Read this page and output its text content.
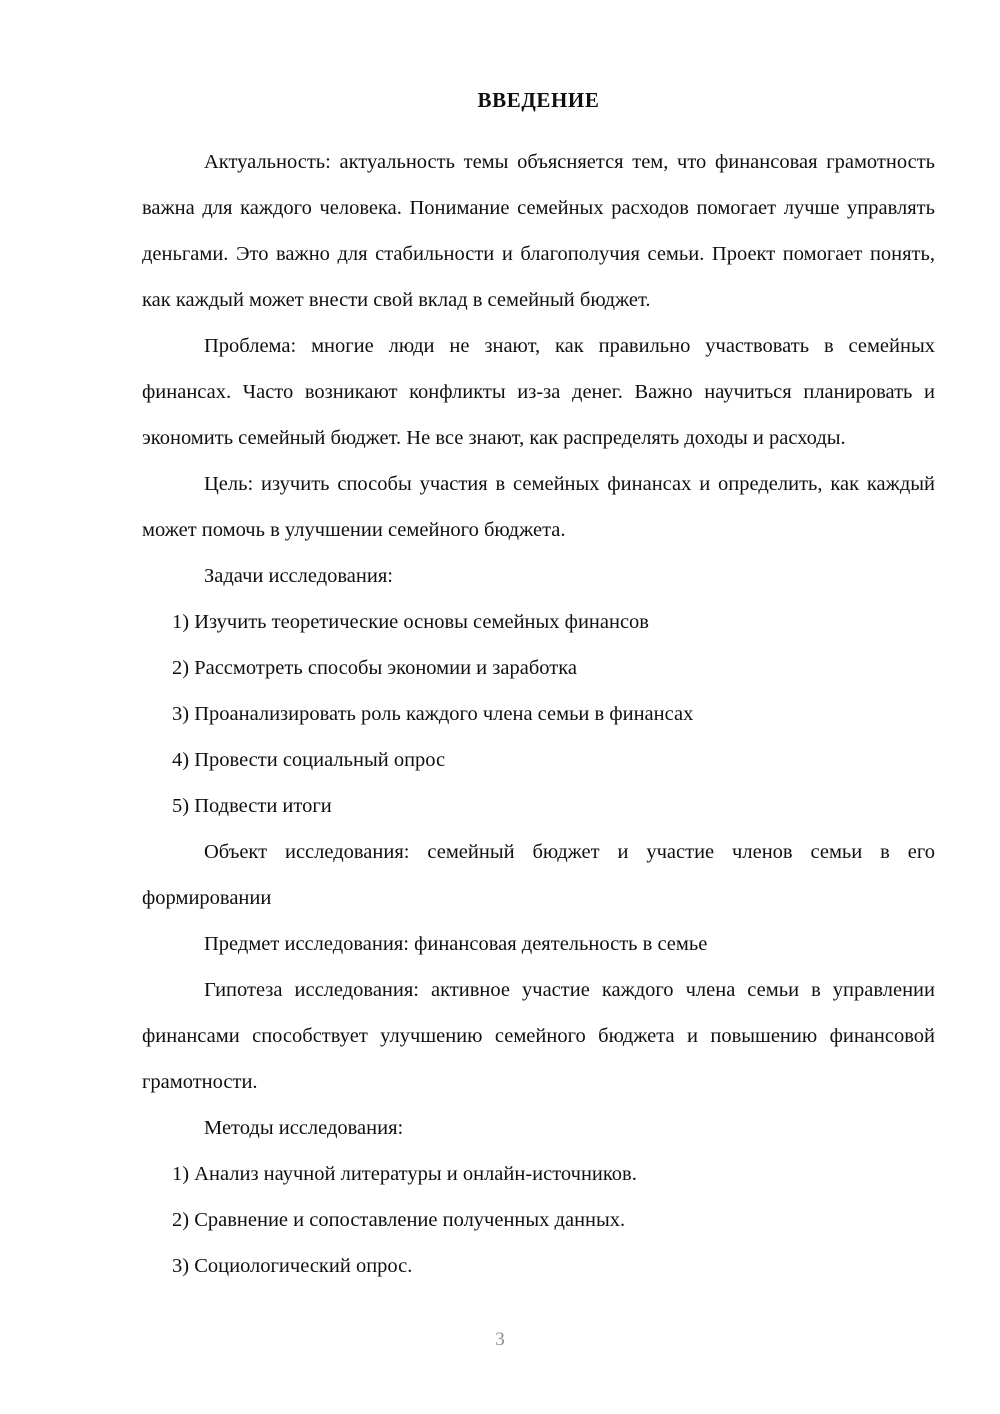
ВВЕДЕНИЕ

Актуальность: актуальность темы объясняется тем, что финансовая грамотность важна для каждого человека. Понимание семейных расходов помогает лучше управлять деньгами. Это важно для стабильности и благополучия семьи. Проект помогает понять, как каждый может внести свой вклад в семейный бюджет.

Проблема: многие люди не знают, как правильно участвовать в семейных финансах. Часто возникают конфликты из-за денег. Важно научиться планировать и экономить семейный бюджет. Не все знают, как распределять доходы и расходы.

Цель: изучить способы участия в семейных финансах и определить, как каждый может помочь в улучшении семейного бюджета.

Задачи исследования:

1) Изучить теоретические основы семейных финансов
2) Рассмотреть способы экономии и заработка
3) Проанализировать роль каждого члена семьи в финансах
4) Провести социальный опрос
5) Подвести итоги

Объект исследования: семейный бюджет и участие членов семьи в его формировании

Предмет исследования: финансовая деятельность в семье

Гипотеза исследования: активное участие каждого члена семьи в управлении финансами способствует улучшению семейного бюджета и повышению финансовой грамотности.

Методы исследования:

1) Анализ научной литературы и онлайн-источников.
2) Сравнение и сопоставление полученных данных.
3) Социологический опрос.
3
